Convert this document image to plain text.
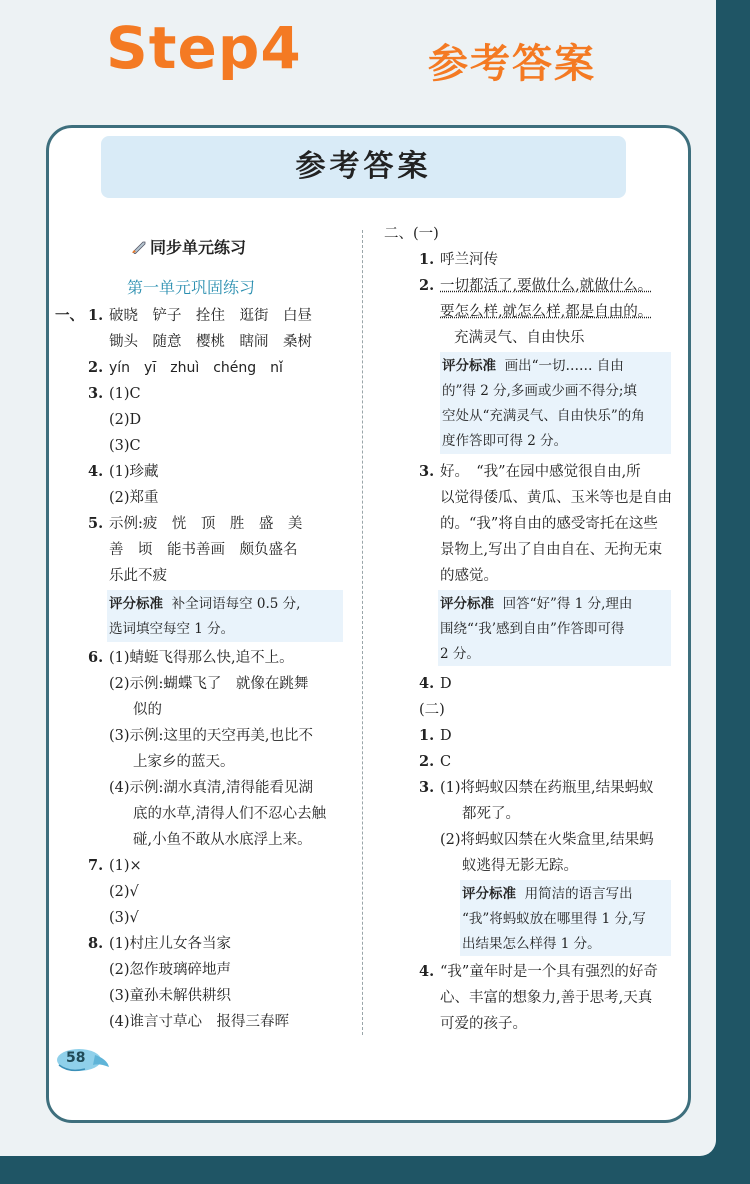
Step4	参考答案
参考答案
同步单元练习
第一单元巩固练习
一、 1. 破晓　铲子　拴住　逛街　白昼
锄头　随意　樱桃　瞎闹　桑树
2. yín　yī　zhuì　chéng　nǐ
3. (1)C
(2)D
(3)C
4. (1)珍藏
(2)郑重
5. 示例:疲　恍　顶　胜　盛　美
善　顷　能书善画　颇负盛名
乐此不疲
评分标准 补全词语每空 0.5 分,
选词填空每空 1 分。
6. (1)蜻蜓飞得那么快,追不上。
(2)示例:蝴蝶飞了　就像在跳舞
似的
(3)示例:这里的天空再美,也比不
上家乡的蓝天。
(4)示例:湖水真清,清得能看见湖
底的水草,清得人们不忍心去触
碰,小鱼不敢从水底浮上来。
7. (1)×
(2)√
(3)√
8. (1)村庄儿女各当家
(2)忽作玻璃碎地声
(3)童孙未解供耕织
(4)谁言寸草心　报得三春晖
二、(一)
1. 呼兰河传
2. 一切都活了,要做什么,就做什么。
要怎么样,就怎么样,都是自由的。
充满灵气、自由快乐
评分标准 画出“一切…… 自由
的”得 2 分,多画或少画不得分;填
空处从“充满灵气、自由快乐”的角
度作答即可得 2 分。
3. 好。　“我”在园中感觉很自由,所
以觉得倭瓜、黄瓜、玉米等也是自由
的。“我”将自由的感受寄托在这些
景物上,写出了自由自在、无拘无束
的感觉。
评分标准 回答“好”得 1 分,理由
围绕“‘我’感到自由”作答即可得
2 分。
4. D
(二)
1. D
2. C
3. (1)将蚂蚁囚禁在药瓶里,结果蚂蚁
都死了。
(2)将蚂蚁囚禁在火柴盒里,结果蚂
蚁逃得无影无踪。
评分标准 用简洁的语言写出
“我”将蚂蚁放在哪里得 1 分,写
出结果怎么样得 1 分。
4. “我”童年时是一个具有强烈的好奇
心、丰富的想象力,善于思考,天真
可爱的孩子。
58
